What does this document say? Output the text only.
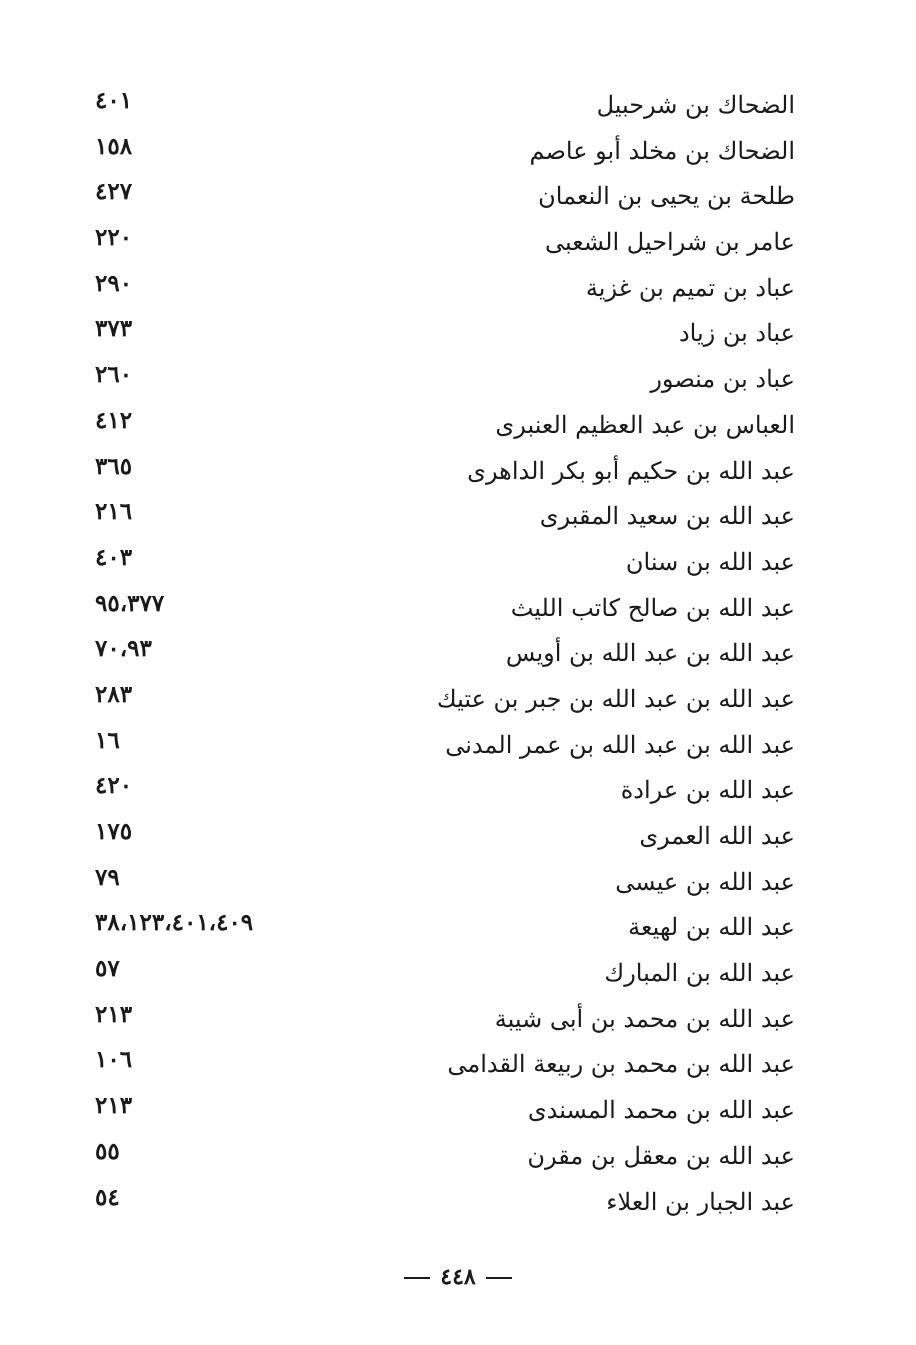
الضحاك بن شرحبيل
٤٠١
الضحاك بن مخلد أبو عاصم
١٥٨
طلحة بن يحيى بن النعمان
٤٢٧
عامر بن شراحيل الشعبى
٢٢٠
عباد بن تميم بن غزية
٢٩٠
عباد بن زياد
٣٧٣
عباد بن منصور
٢٦٠
العباس بن عبد العظيم العنبرى
٤١٢
عبد الله بن حكيم أبو بكر الداهرى
٣٦٥
عبد الله بن سعيد المقبرى
٢١٦
عبد الله بن سنان
٤٠٣
عبد الله بن صالح كاتب الليث
٩٥،٣٧٧
عبد الله بن عبد الله بن أويس
٧٠،٩٣
عبد الله بن عبد الله بن جبر بن عتيك
٢٨٣
عبد الله بن عبد الله بن عمر المدنى
١٦
عبد الله بن عرادة
٤٢٠
عبد الله العمرى
١٧٥
عبد الله بن عيسى
٧٩
عبد الله بن لهيعة
٣٨،١٢٣،٤٠١،٤٠٩
عبد الله بن المبارك
٥٧
عبد الله بن محمد بن أبى شيبة
٢١٣
عبد الله بن محمد بن ربيعة القدامى
١٠٦
عبد الله بن محمد المسندى
٢١٣
عبد الله بن معقل بن مقرن
٥٥
عبد الجبار بن العلاء
٥٤
٤٤٨
